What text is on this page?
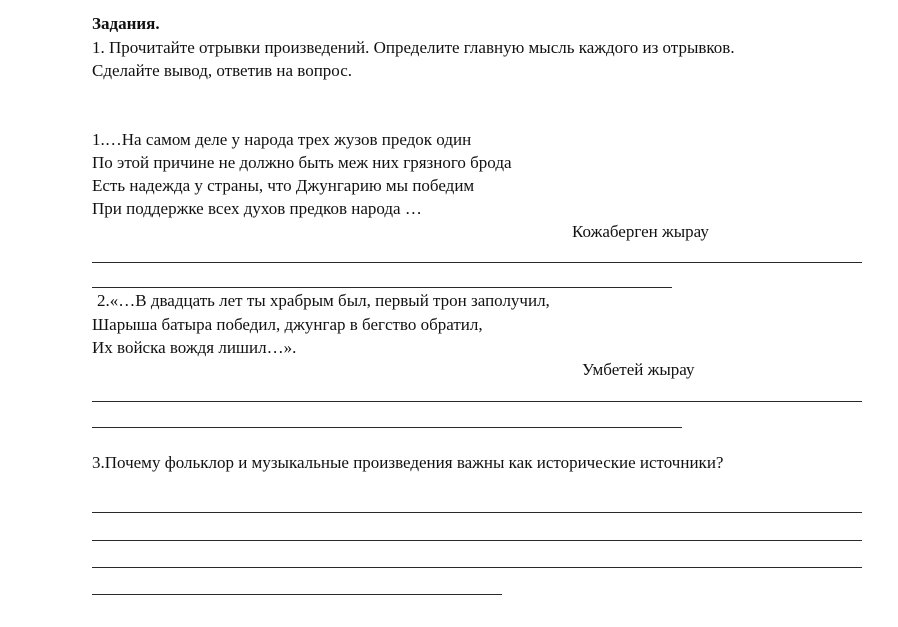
Задания.
1. Прочитайте отрывки произведений. Определите главную мысль каждого из отрывков.
Сделайте вывод, ответив на вопрос.
1.…На самом деле у народа трех жузов предок один
По этой причине не должно быть меж них грязного брода
Есть надежда у страны, что Джунгарию мы победим
При поддержке всех духов предков народа …
Кожаберген жырау
2.«…В двадцать лет ты храбрым был, первый трон заполучил,
Шарыша батыра победил, джунгар в бегство обратил,
Их войска вождя лишил…».
Умбетей жырау
3.Почему фольклор и музыкальные произведения важны как исторические источники?
